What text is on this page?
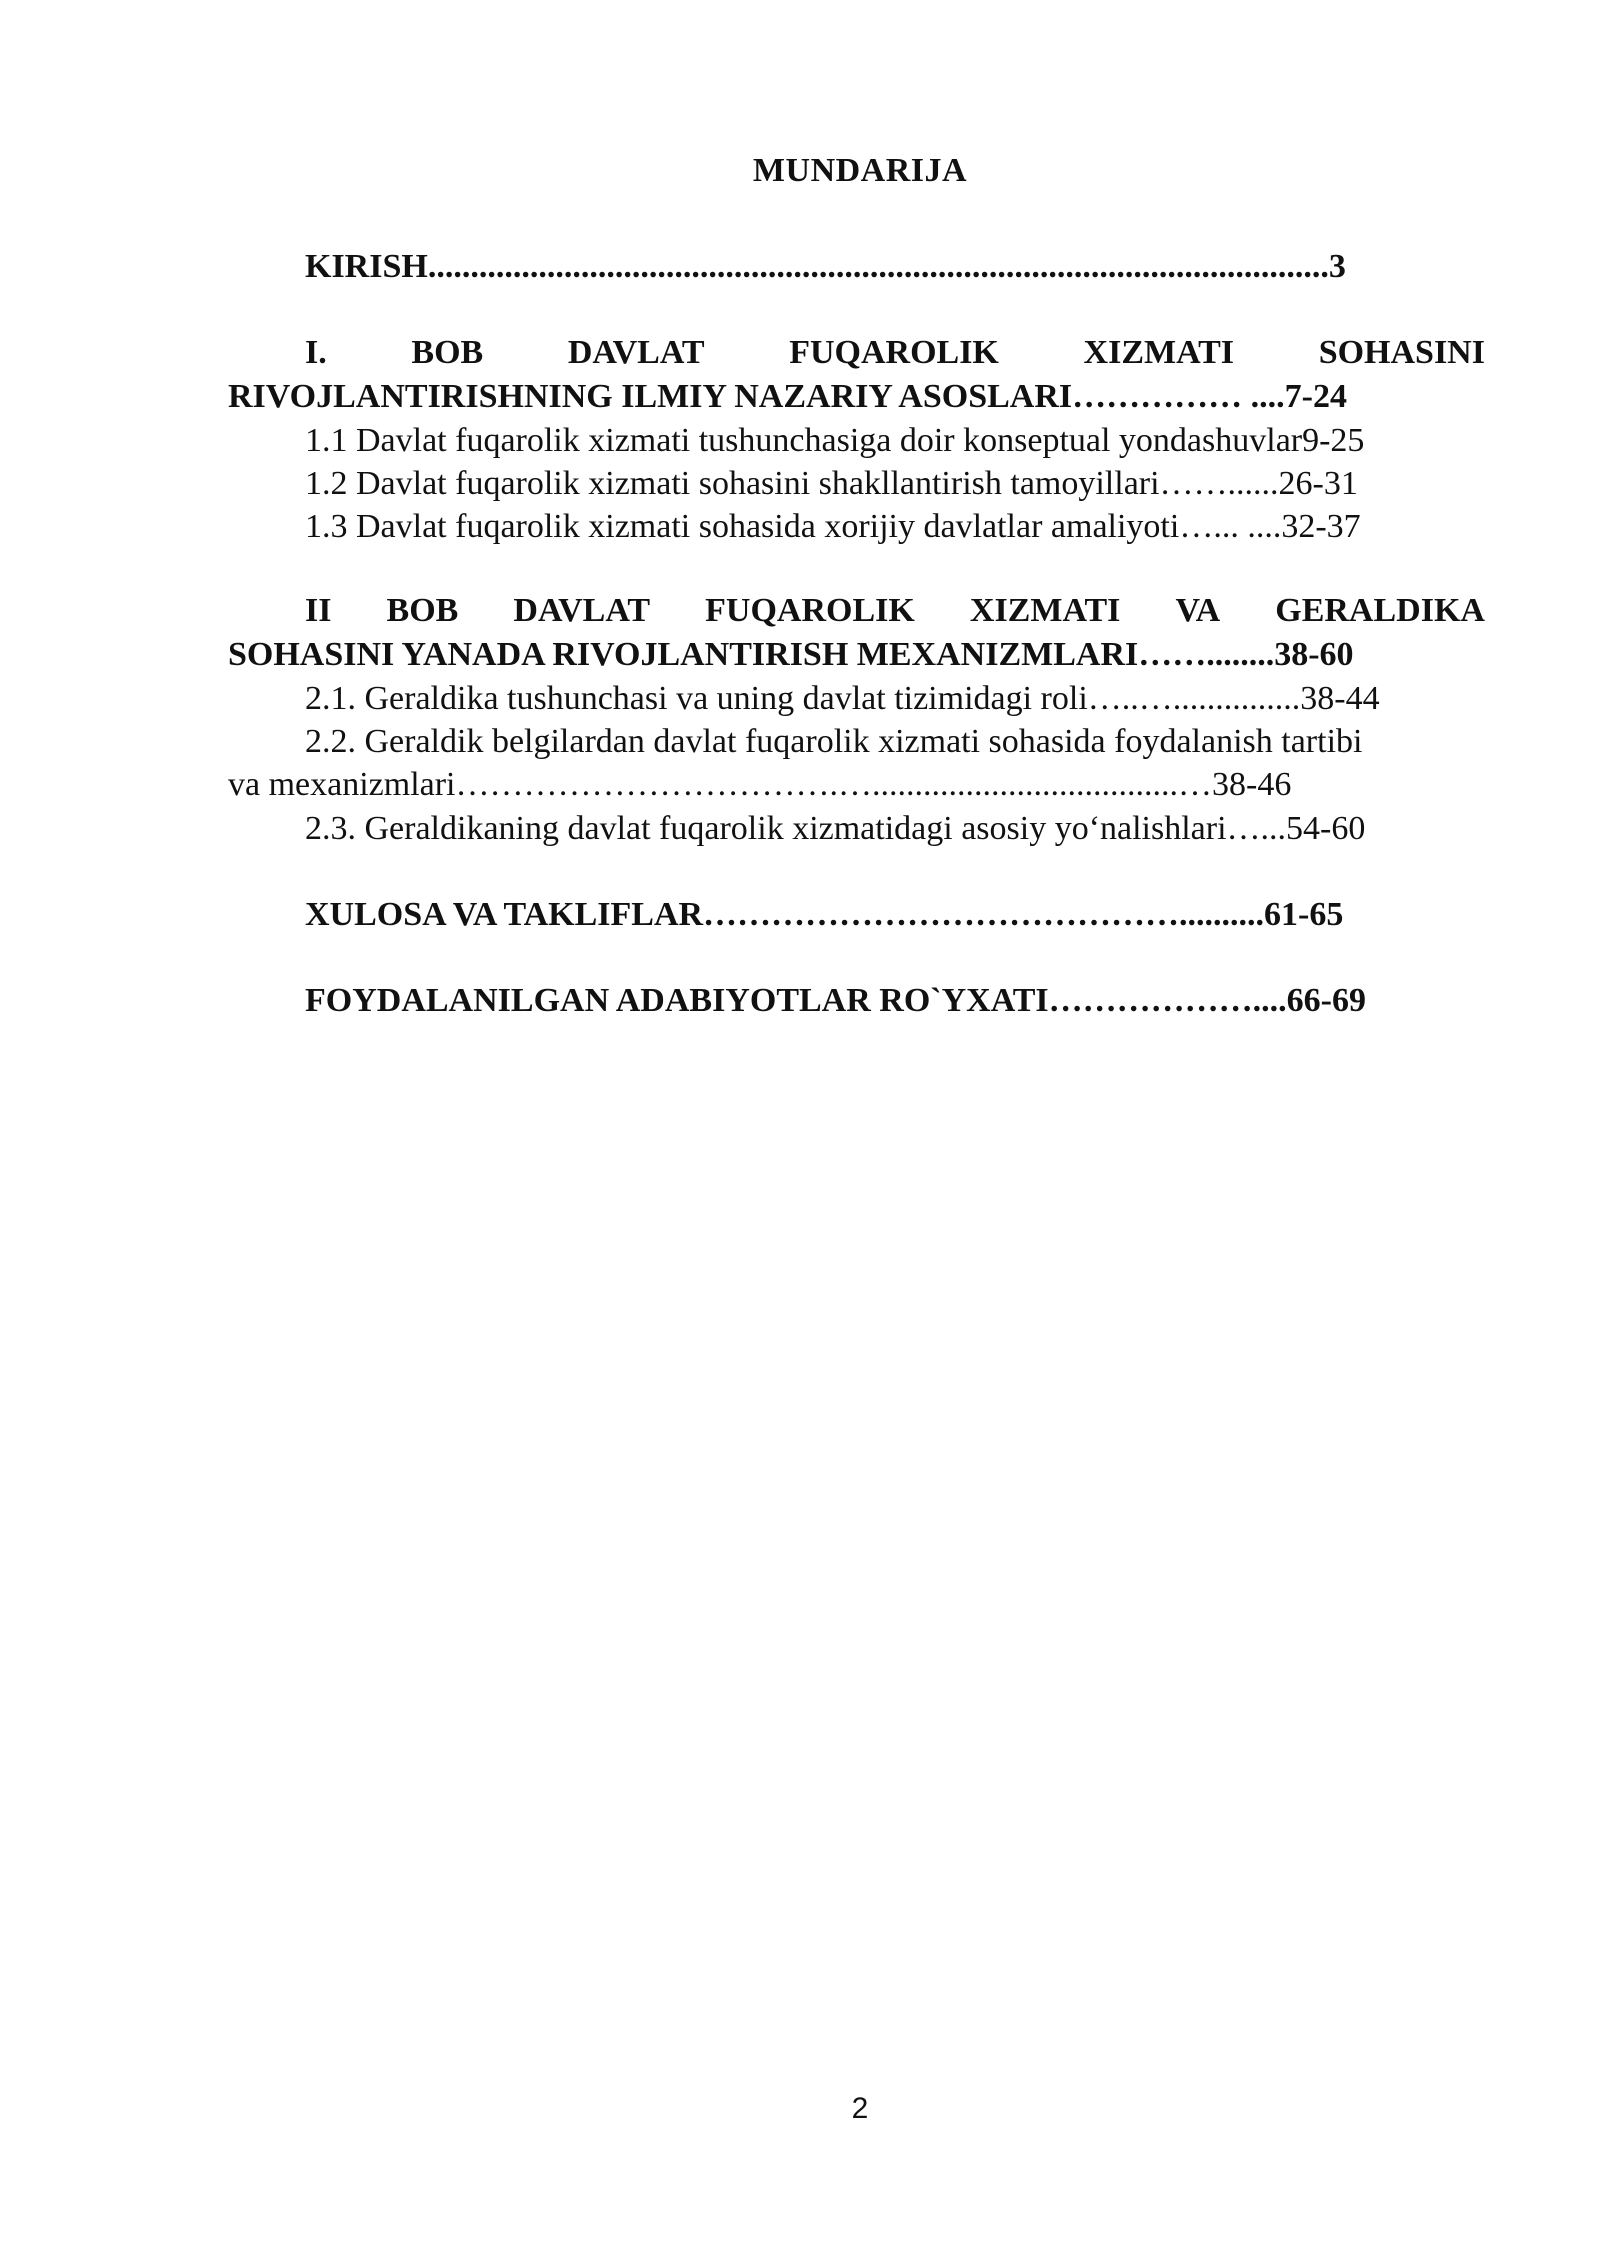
MUNDARIJA
KIRISH..........................................................................................................3
I. BOB DAVLAT FUQAROLIK XIZMATI SOHASINI
RIVOJLANTIRISHNING ILMIY NAZARIY ASOSLARI…………… ....7-24
1.1 Davlat fuqarolik xizmati tushunchasiga doir konseptual yondashuvlar9-25
1.2 Davlat fuqarolik xizmati sohasini shakllantirish tamoyillari……......26-31
1.3 Davlat fuqarolik xizmati sohasida xorijiy davlatlar amaliyoti…... ....32-37
II BOB DAVLAT FUQAROLIK XIZMATI VA GERALDIKA
SOHASINI YANADA RIVOJLANTIRISH MEXANIZMLARI……........38-60
2.1. Geraldika tushunchasi va uning davlat tizimidagi roli…..…...............38-44
2.2. Geraldik belgilardan davlat fuqarolik xizmati sohasida foydalanish tartibi
va mexanizmlari…………………………….…....................................…38-46
2.3. Geraldikaning davlat fuqarolik xizmatidagi asosiy yo‘nalishlari…...54-60
XULOSA VA TAKLIFLAR……………………………………..........61-65
FOYDALANILGAN ADABIYOTLAR RO`YXATI………………....66-69
2
